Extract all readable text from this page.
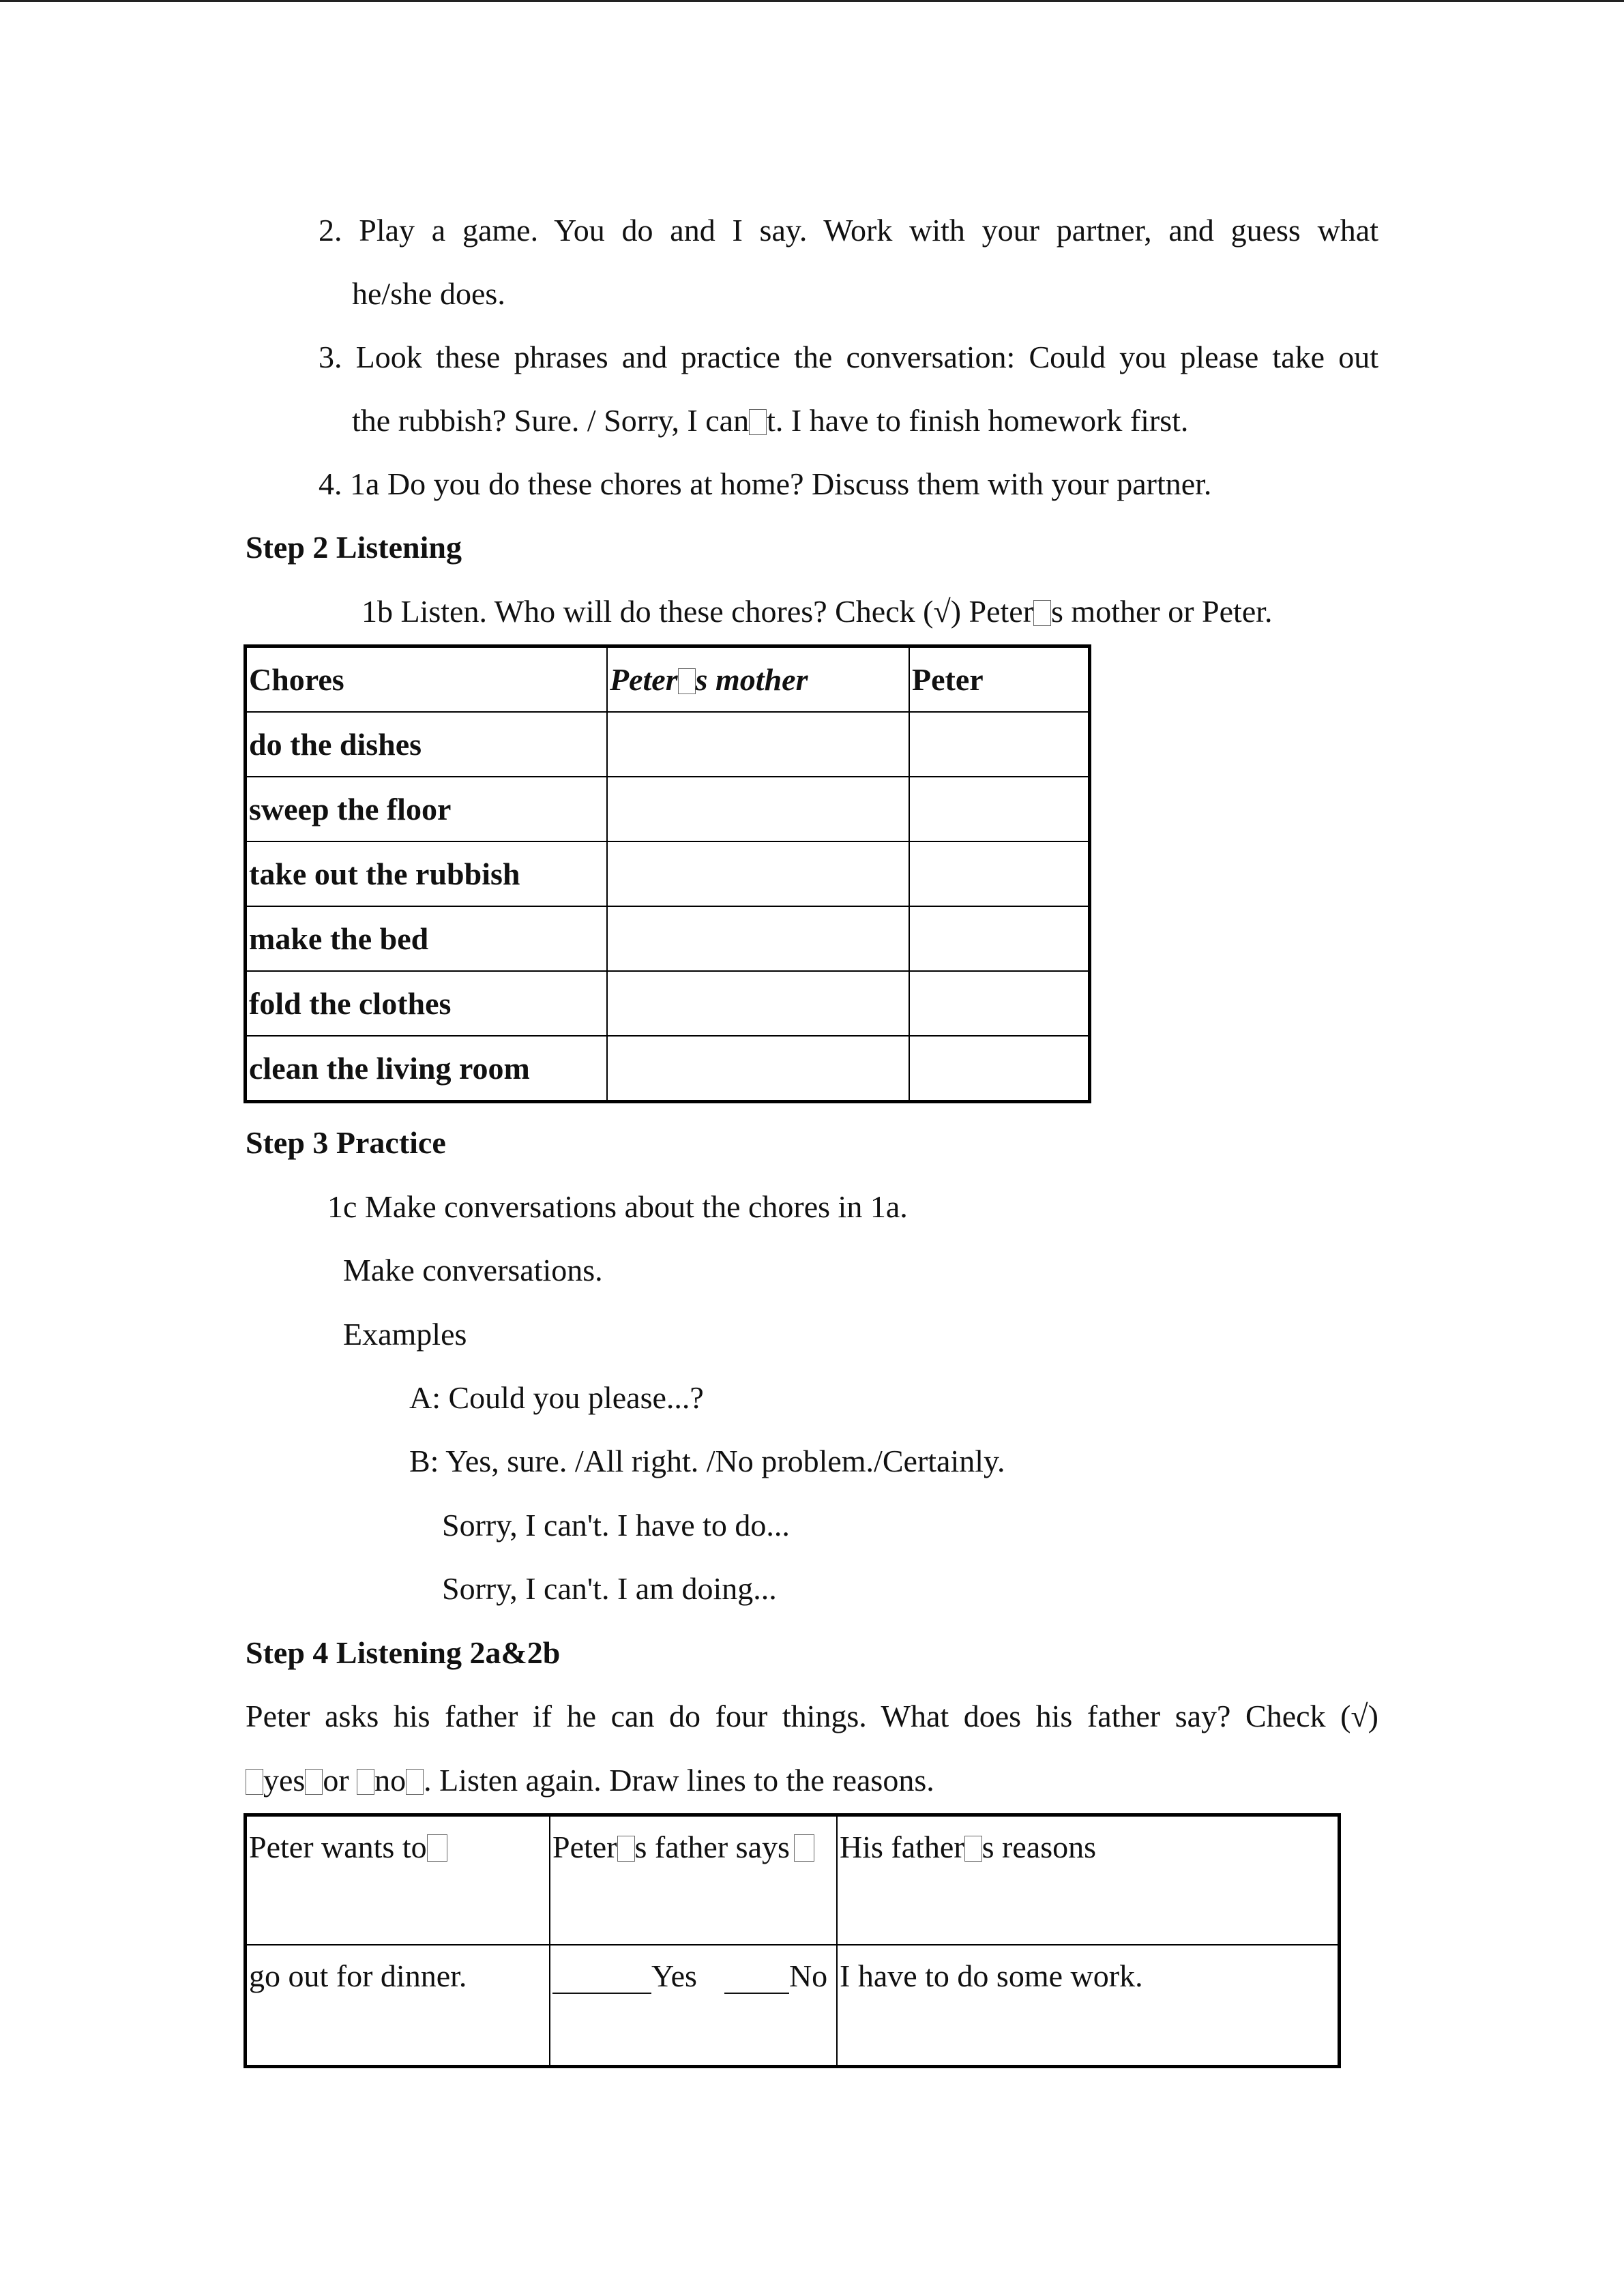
2. Play a game. You do and I say. Work with your partner, and guess what
he/she does.
3. Look these phrases and practice the conversation: Could you please take out
the rubbish? Sure. / Sorry, I can t. I have to finish homework first.
4. 1a Do you do these chores at home? Discuss them with your partner.
Step 2 Listening
1b Listen. Who will do these chores? Check (√) Peter s mother or Peter.
Chores	Peter s mother	Peter
do the dishes		
sweep the floor		
take out the rubbish		
make the bed		
fold the clothes		
clean the living room		
Step 3 Practice
1c Make conversations about the chores in 1a.
Make conversations.
Examples
A: Could you please...?
B: Yes, sure. /All right. /No problem./Certainly.
Sorry, I can't. I have to do...
Sorry, I can't. I am doing...
Step 4 Listening 2a&2b
Peter asks his father if he can do four things. What does his father say? Check (√)
yes or no . Listen again. Draw lines to the reasons.
Peter wants to	Peter s father says	His father s reasons
go out for dinner.	Yes No	I have to do some work.
